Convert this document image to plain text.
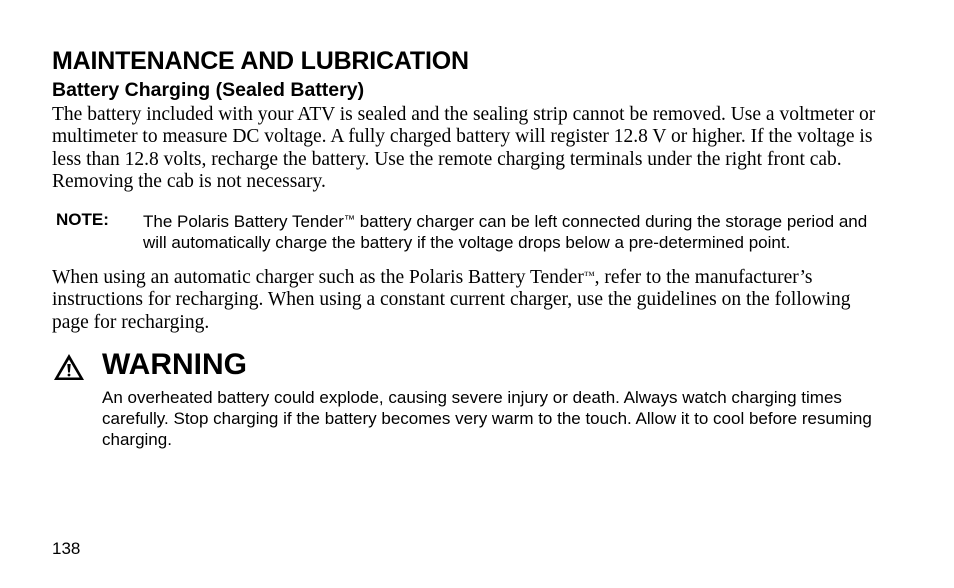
MAINTENANCE AND LUBRICATION
Battery Charging (Sealed Battery)

The battery included with your ATV is sealed and the sealing strip cannot be removed. Use a voltmeter or multimeter to measure DC voltage. A fully charged battery will register 12.8 V or higher. If the voltage is less than 12.8 volts, recharge the battery. Use the remote charging terminals under the right front cab. Removing the cab is not necessary.

NOTE:	The Polaris Battery Tender™ battery charger can be left connected during the storage period and will automatically charge the battery if the voltage drops below a pre-determined point.

When using an automatic charger such as the Polaris Battery Tender™, refer to the manufacturer’s instructions for recharging. When using a constant current charger, use the guidelines on the following page for recharging.

WARNING

An overheated battery could explode, causing severe injury or death. Always watch charging times carefully. Stop charging if the battery becomes very warm to the touch. Allow it to cool before resuming charging.

138
